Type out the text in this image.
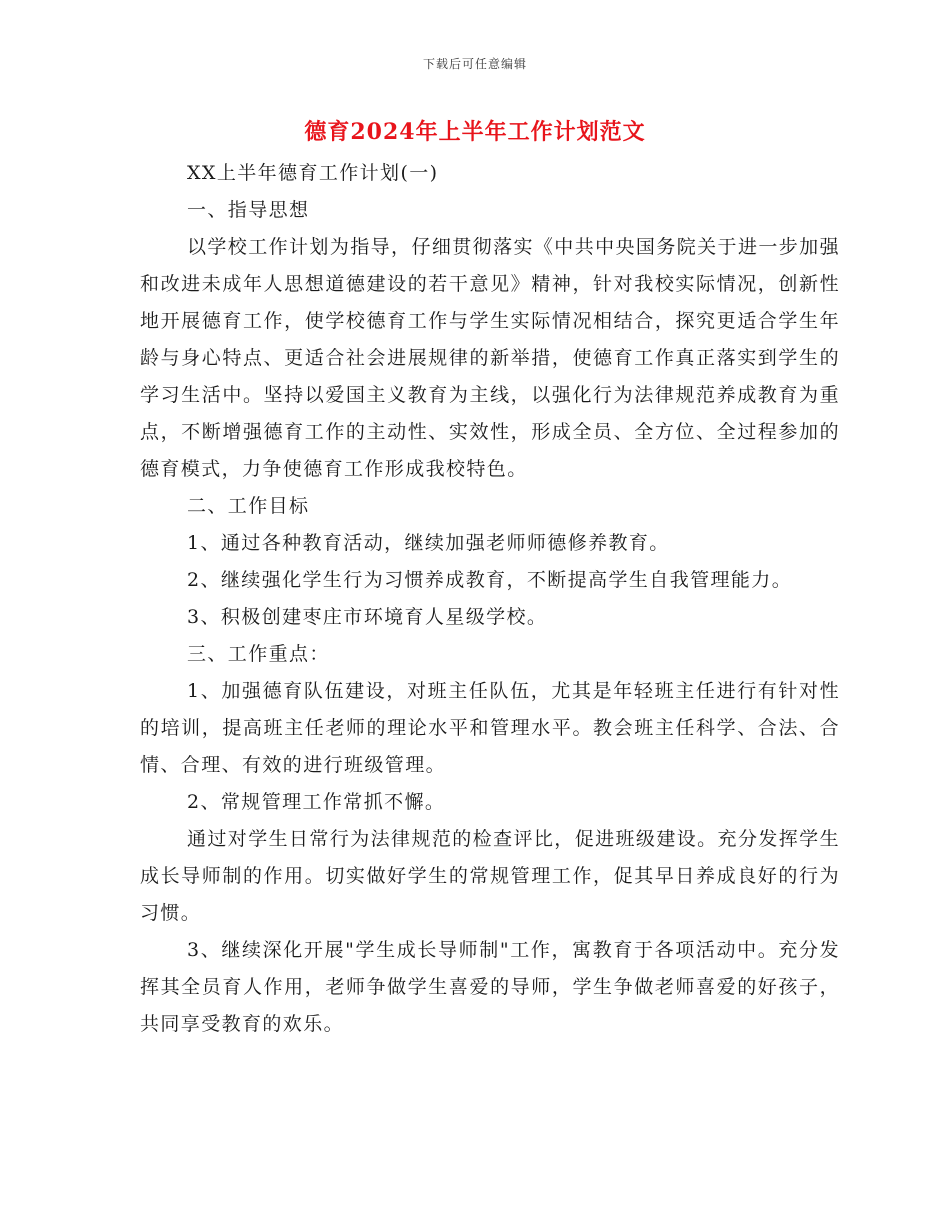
下载后可任意编辑
德育2024年上半年工作计划范文

XX上半年德育工作计划(一)

一、指导思想

以学校工作计划为指导，仔细贯彻落实《中共中央国务院关于进一步加强和改进未成年人思想道德建设的若干意见》精神，针对我校实际情况，创新性地开展德育工作，使学校德育工作与学生实际情况相结合，探究更适合学生年龄与身心特点、更适合社会进展规律的新举措，使德育工作真正落实到学生的学习生活中。坚持以爱国主义教育为主线，以强化行为法律规范养成教育为重点，不断增强德育工作的主动性、实效性，形成全员、全方位、全过程参加的德育模式，力争使德育工作形成我校特色。

二、工作目标

1、通过各种教育活动，继续加强老师师德修养教育。

2、继续强化学生行为习惯养成教育，不断提高学生自我管理能力。

3、积极创建枣庄市环境育人星级学校。

三、工作重点：

1、加强德育队伍建设，对班主任队伍，尤其是年轻班主任进行有针对性的培训，提高班主任老师的理论水平和管理水平。教会班主任科学、合法、合情、合理、有效的进行班级管理。

2、常规管理工作常抓不懈。

通过对学生日常行为法律规范的检查评比，促进班级建设。充分发挥学生成长导师制的作用。切实做好学生的常规管理工作，促其早日养成良好的行为习惯。

3、继续深化开展"学生成长导师制"工作，寓教育于各项活动中。充分发挥其全员育人作用，老师争做学生喜爱的导师，学生争做老师喜爱的好孩子，共同享受教育的欢乐。
